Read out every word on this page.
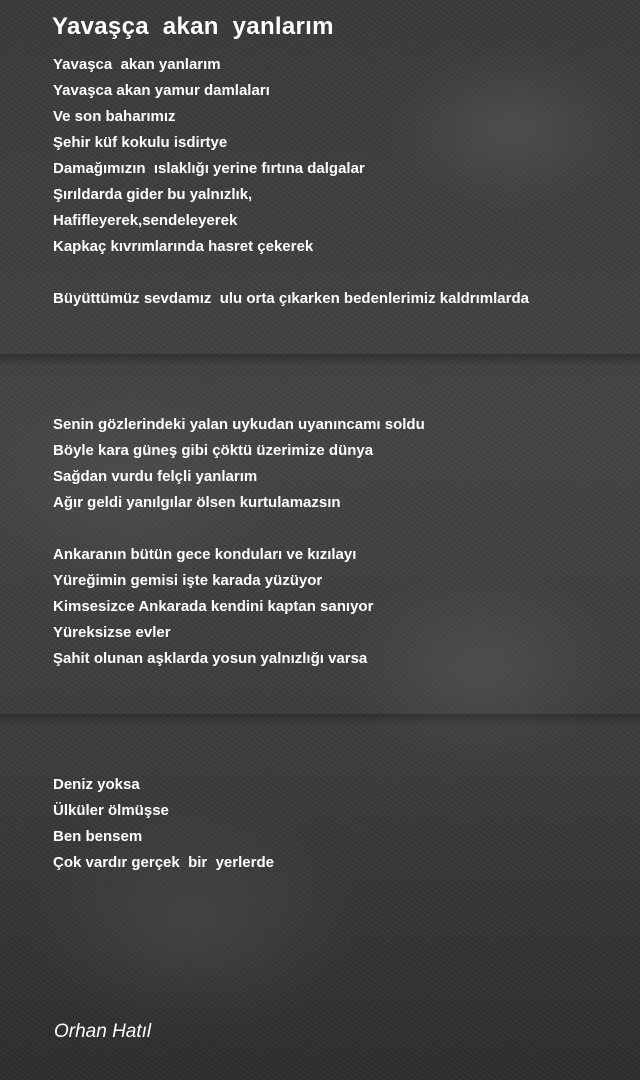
Yavaşça  akan  yanlarım
Yavaşca  akan yanlarım
Yavaşca akan yamur damlaları
Ve son baharımız
Şehir küf kokulu isdirtye
Damağımızın  ıslaklığı yerine fırtına dalgalar
Şırıldarda gider bu yalnızlık,
Hafifleyerek,sendeleyerek
Kapkaç kıvrımlarında hasret çekerek
Büyüttümüz sevdamız  ulu orta çıkarken bedenlerimiz kaldrımlarda
Senin gözlerindeki yalan uykudan uyanıncamı soldu
Böyle kara güneş gibi çöktü üzerimize dünya
Sağdan vurdu felçli yanlarım
Ağır geldi yanılgılar ölsen kurtulamazsın
Ankaranın bütün gece konduları ve kızılayı
Yüreğimin gemisi işte karada yüzüyor
Kimsesizce Ankarada kendini kaptan sanıyor
Yüreksizse evler
Şahit olunan aşklarda yosun yalnızlığı varsa
Deniz yoksa
Ülküler ölmüşse
Ben bensem
Çok vardır gerçek  bir  yerlerde
Orhan Hatıl
